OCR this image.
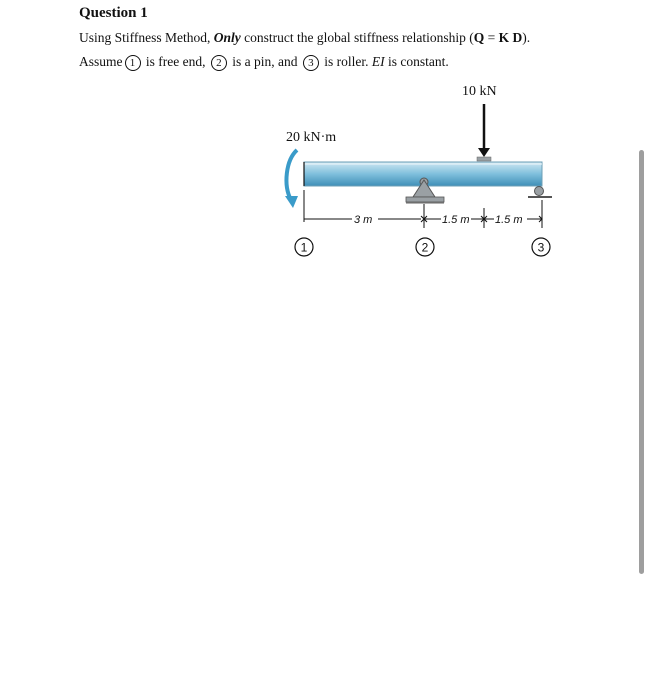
Question 1
Using Stiffness Method, Only construct the global stiffness relationship (Q = K D).
Assume 1 is free end, 2 is a pin, and 3 is roller. EI is constant.
10 kN
20 kN·m
3 m	1.5 m 1.5 m
1	2	3
